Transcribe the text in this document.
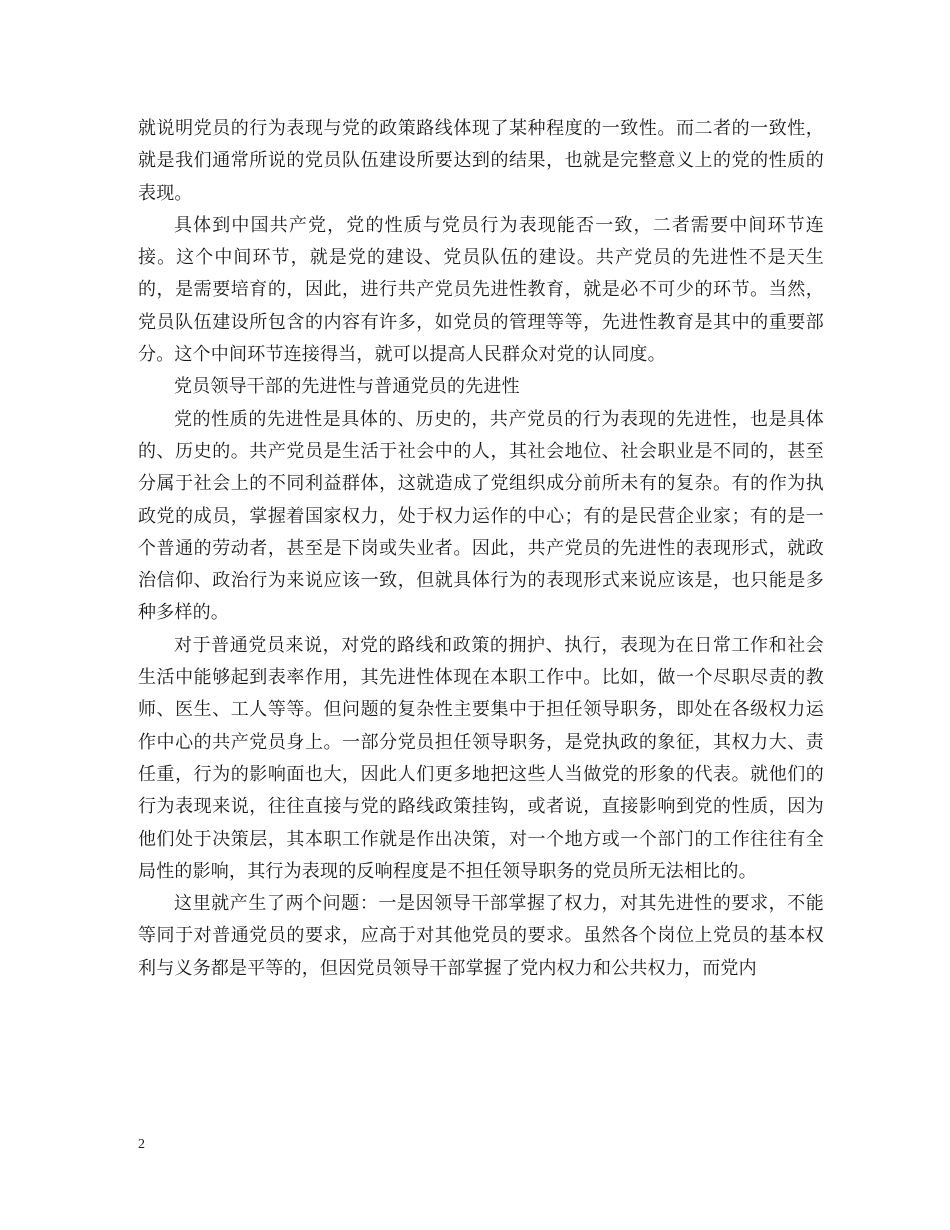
就说明党员的行为表现与党的政策路线体现了某种程度的一致性。而二者的一致性，就是我们通常所说的党员队伍建设所要达到的结果，也就是完整意义上的党的性质的表现。

具体到中国共产党，党的性质与党员行为表现能否一致，二者需要中间环节连接。这个中间环节，就是党的建设、党员队伍的建设。共产党员的先进性不是天生的，是需要培育的，因此，进行共产党员先进性教育，就是必不可少的环节。当然，党员队伍建设所包含的内容有许多，如党员的管理等等，先进性教育是其中的重要部分。这个中间环节连接得当，就可以提高人民群众对党的认同度。

党员领导干部的先进性与普通党员的先进性

党的性质的先进性是具体的、历史的，共产党员的行为表现的先进性，也是具体的、历史的。共产党员是生活于社会中的人，其社会地位、社会职业是不同的，甚至分属于社会上的不同利益群体，这就造成了党组织成分前所未有的复杂。有的作为执政党的成员，掌握着国家权力，处于权力运作的中心；有的是民营企业家；有的是一个普通的劳动者，甚至是下岗或失业者。因此，共产党员的先进性的表现形式，就政治信仰、政治行为来说应该一致，但就具体行为的表现形式来说应该是，也只能是多种多样的。

对于普通党员来说，对党的路线和政策的拥护、执行，表现为在日常工作和社会生活中能够起到表率作用，其先进性体现在本职工作中。比如，做一个尽职尽责的教师、医生、工人等等。但问题的复杂性主要集中于担任领导职务，即处在各级权力运作中心的共产党员身上。一部分党员担任领导职务，是党执政的象征，其权力大、责任重，行为的影响面也大，因此人们更多地把这些人当做党的形象的代表。就他们的行为表现来说，往往直接与党的路线政策挂钩，或者说，直接影响到党的性质，因为他们处于决策层，其本职工作就是作出决策，对一个地方或一个部门的工作往往有全局性的影响，其行为表现的反响程度是不担任领导职务的党员所无法相比的。

这里就产生了两个问题：一是因领导干部掌握了权力，对其先进性的要求，不能等同于对普通党员的要求，应高于对其他党员的要求。虽然各个岗位上党员的基本权利与义务都是平等的，但因党员领导干部掌握了党内权力和公共权力，而党内

2
